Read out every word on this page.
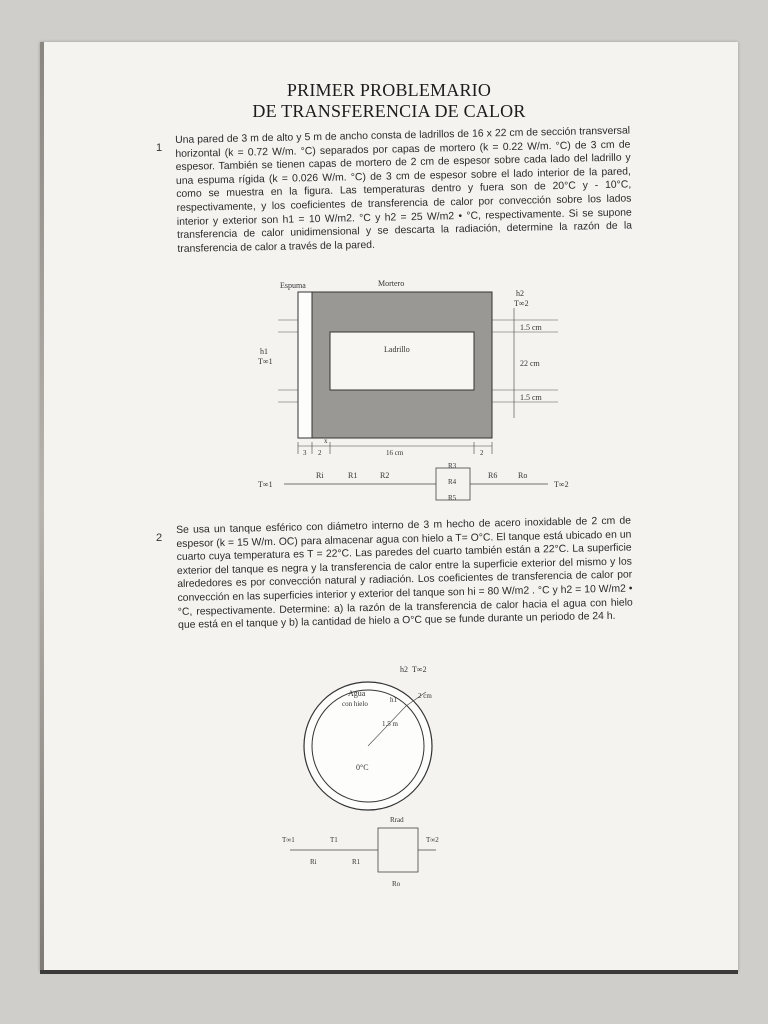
PRIMER PROBLEMARIO
DE TRANSFERENCIA DE CALOR
1
Una pared de 3 m de alto y 5 m de ancho consta de ladrillos de 16 x 22 cm de sección transversal horizontal (k = 0.72 W/m. °C) separados por capas de mortero (k = 0.22 W/m. °C) de 3 cm de espesor. También se tienen capas de mortero de 2 cm de espesor sobre cada lado del ladrillo y una espuma rígida (k = 0.026 W/m. °C) de 3 cm de espesor sobre el lado interior de la pared, como se muestra en la figura. Las temperaturas dentro y fuera son de 20°C y - 10°C, respectivamente, y los coeficientes de transferencia de calor por convección sobre los lados interior y exterior son h1 = 10 W/m2. °C y h2 = 25 W/m2 • °C, respectivamente. Si se supone transferencia de calor unidimensional y se descarta la radiación, determine la razón de la transferencia de calor a través de la pared.
Espuma	Mortero
Ladrillo
h2
T∞2
h1
T∞1
1.5 cm
22 cm
1.5 cm
x
3 2	16 cm	2
T∞1
Ri	R1	R2
R3
R4
R5
R6	Ro
T∞2
2
Se usa un tanque esférico con diámetro interno de 3 m hecho de acero inoxidable de 2 cm de espesor (k = 15 W/m. OC) para almacenar agua con hielo a T= O°C. El tanque está ubicado en un cuarto cuya temperatura es T = 22°C. Las paredes del cuarto también están a 22°C. La superficie exterior del tanque es negra y la transferencia de calor entre la superficie exterior del mismo y los alrededores es por convección natural y radiación. Los coeficientes de transferencia de calor por convección en las superficies interior y exterior del tanque son hi = 80 W/m2 . °C y h2 = 10 W/m2 • °C, respectivamente. Determine: a) la razón de la transferencia de calor hacia el agua con hielo que está en el tanque y b) la cantidad de hielo a O°C que se funde durante un periodo de 24 h.
h2 T∞2
Agua
con hielo	h1
1.5 m
2 cm
0°C
T∞1	T1
Ri	R1
Rrad
Ro
T∞2
